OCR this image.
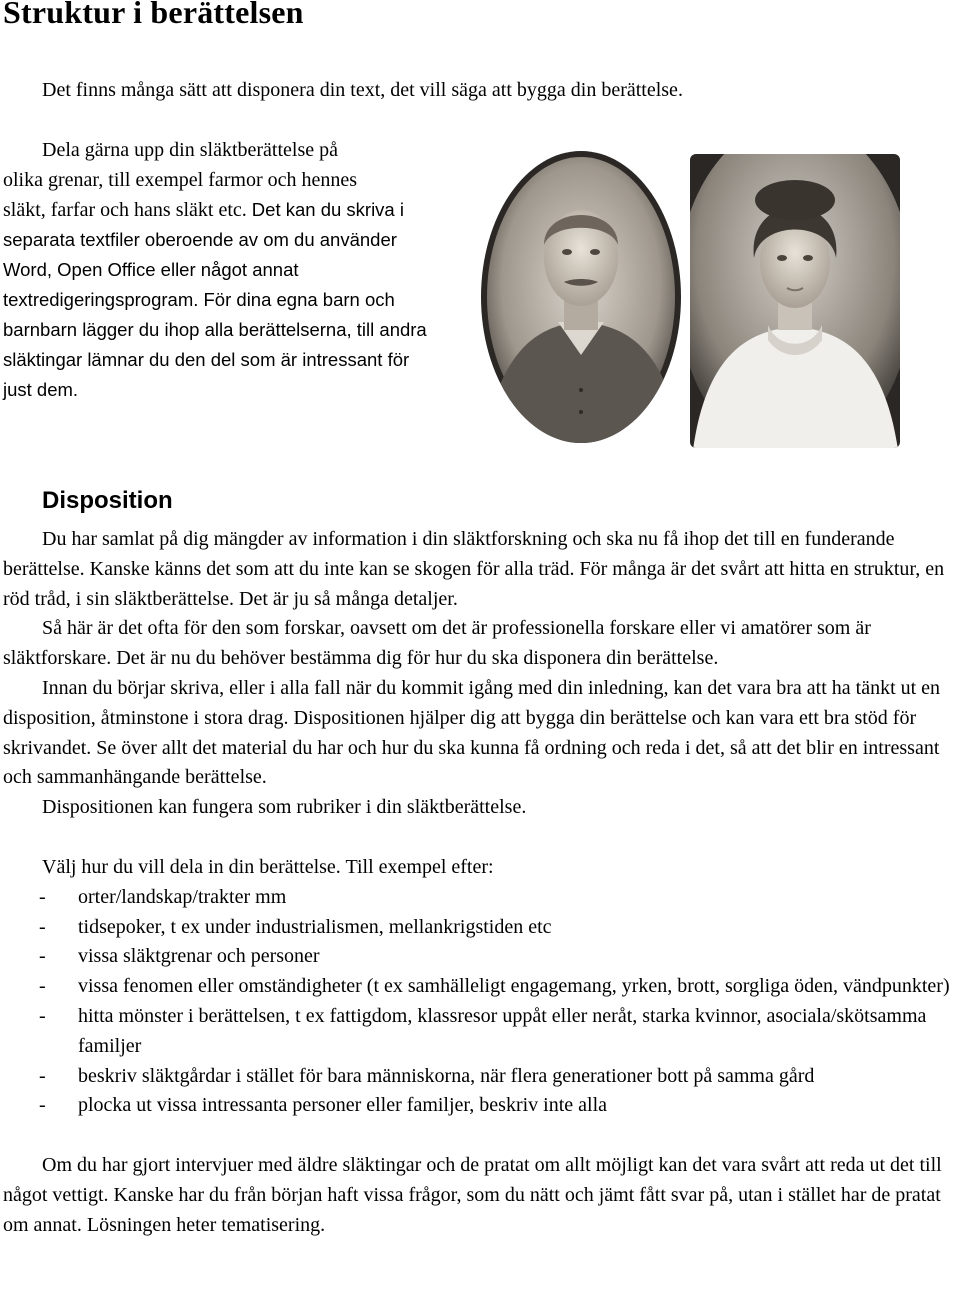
Struktur i berättelsen

Det finns många sätt att disponera din text, det vill säga att bygga din berättelse.

Dela gärna upp din släktberättelse på
olika grenar, till exempel farmor och hennes
släkt, farfar och hans släkt etc. Det kan du skriva i separata textfiler oberoende av om du använder Word, Open Office eller något annat textredigeringsprogram. För dina egna barn och barnbarn lägger du ihop alla berättelserna, till andra släktingar lämnar du den del som är intressant för just dem.

Disposition

Du har samlat på dig mängder av information i din släktforskning och ska nu få ihop det till en funderande berättelse. Kanske känns det som att du inte kan se skogen för alla träd. För många är det svårt att hitta en struktur, en röd tråd, i sin släktberättelse. Det är ju så många detaljer.

Så här är det ofta för den som forskar, oavsett om det är professionella forskare eller vi amatörer som är släktforskare. Det är nu du behöver bestämma dig för hur du ska disponera din berättelse.

Innan du börjar skriva, eller i alla fall när du kommit igång med din inledning, kan det vara bra att ha tänkt ut en disposition, åtminstone i stora drag. Dispositionen hjälper dig att bygga din berättelse och kan vara ett bra stöd för skrivandet. Se över allt det material du har och hur du ska kunna få ordning och reda i det, så att det blir en intressant och sammanhängande berättelse.

Dispositionen kan fungera som rubriker i din släktberättelse.

Välj hur du vill dela in din berättelse. Till exempel efter:

- orter/landskap/trakter mm
- tidsepoker, t ex under industrialismen, mellankrigstiden etc
- vissa släktgrenar och personer
- vissa fenomen eller omständigheter (t ex samhälleligt engagemang, yrken, brott, sorgliga öden, vändpunkter)
- hitta mönster i berättelsen, t ex fattigdom, klassresor uppåt eller neråt, starka kvinnor, asociala/skötsamma familjer
- beskriv släktgårdar i stället för bara människorna, när flera generationer bott på samma gård
- plocka ut vissa intressanta personer eller familjer, beskriv inte alla

Om du har gjort intervjuer med äldre släktingar och de pratat om allt möjligt kan det vara svårt att reda ut det till något vettigt. Kanske har du från början haft vissa frågor, som du nätt och jämt fått svar på, utan i stället har de pratat om annat. Lösningen heter tematisering.
